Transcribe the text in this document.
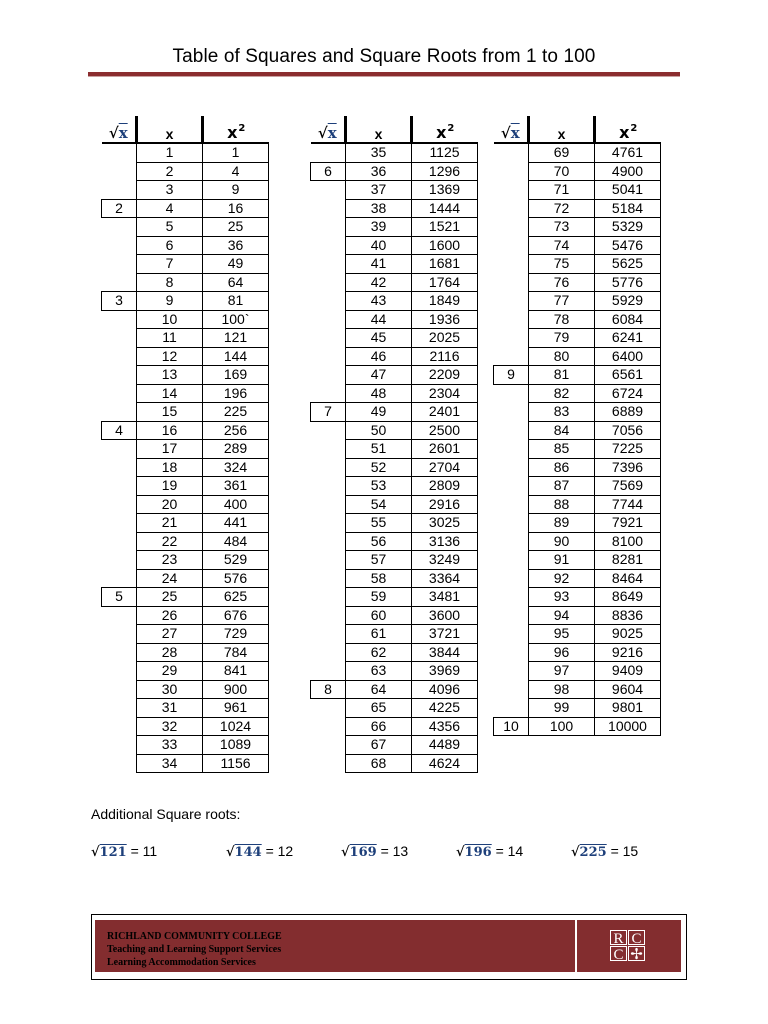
Table of Squares and Square Roots from 1 to 100
√x	x	$x^2$
	1	1
	2	4
	3	9
2	4	16
	5	25
	6	36
	7	49
	8	64
3	9	81
	10	100`
	11	121
	12	144
	13	169
	14	196
	15	225
4	16	256
	17	289
	18	324
	19	361
	20	400
	21	441
	22	484
	23	529
	24	576
5	25	625
	26	676
	27	729
	28	784
	29	841
	30	900
	31	961
	32	1024
	33	1089
	34	1156
√x	x	$x^2$
	35	1125
6	36	1296
	37	1369
	38	1444
	39	1521
	40	1600
	41	1681
	42	1764
	43	1849
	44	1936
	45	2025
	46	2116
	47	2209
	48	2304
7	49	2401
	50	2500
	51	2601
	52	2704
	53	2809
	54	2916
	55	3025
	56	3136
	57	3249
	58	3364
	59	3481
	60	3600
	61	3721
	62	3844
	63	3969
8	64	4096
	65	4225
	66	4356
	67	4489
	68	4624
√x	x	$x^2$
	69	4761
	70	4900
	71	5041
	72	5184
	73	5329
	74	5476
	75	5625
	76	5776
	77	5929
	78	6084
	79	6241
	80	6400
9	81	6561
	82	6724
	83	6889
	84	7056
	85	7225
	86	7396
	87	7569
	88	7744
	89	7921
	90	8100
	91	8281
	92	8464
	93	8649
	94	8836
	95	9025
	96	9216
	97	9409
	98	9604
	99	9801
10	100	10000
Additional Square roots:
√121 = 11	√144 = 12	√169 = 13	√196 = 14	√225 = 15
RICHLAND COMMUNITY COLLEGE
Teaching and Learning Support Services
Learning Accommodation Services
R C
C ✢
